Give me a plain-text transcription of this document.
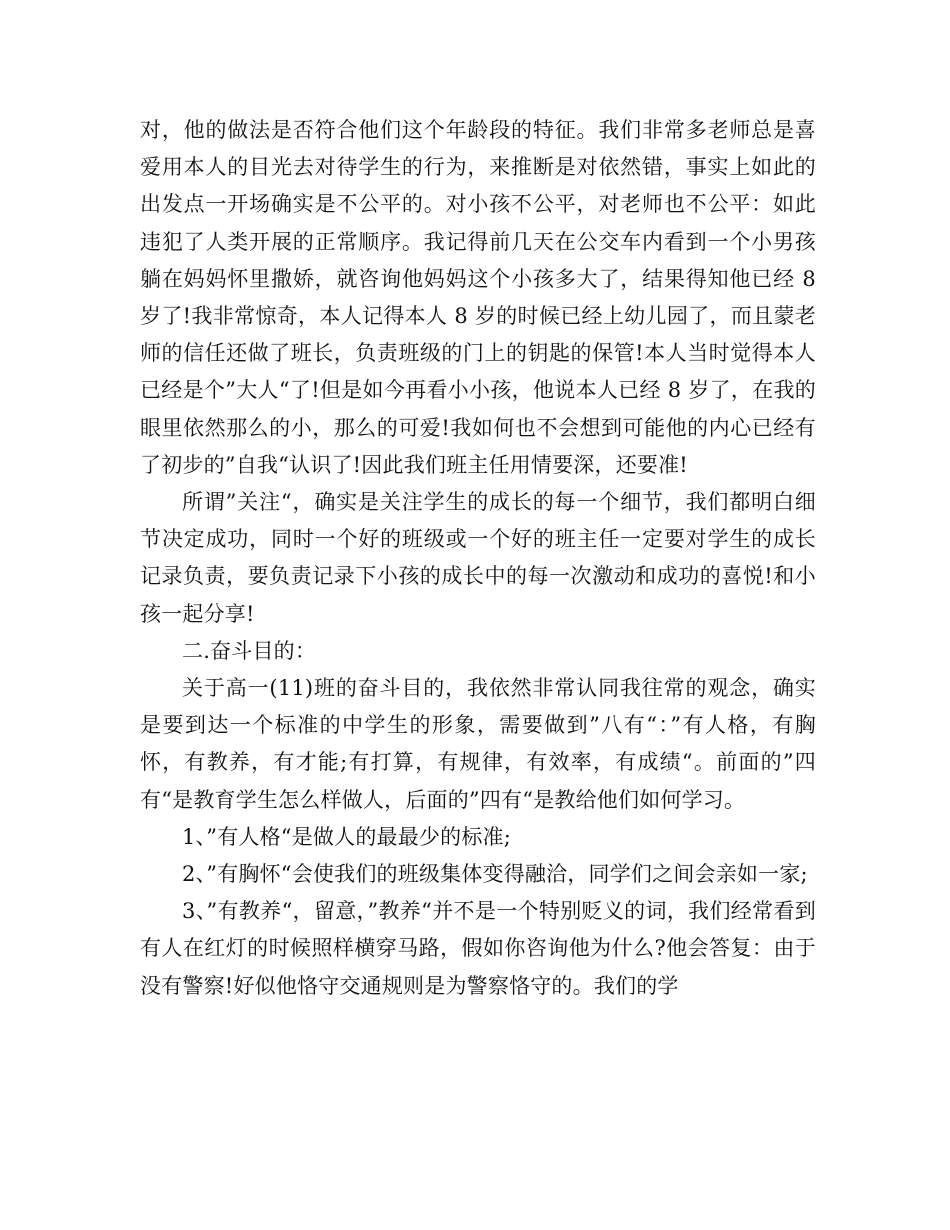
对，他的做法是否符合他们这个年龄段的特征。我们非常多老师总是喜爱用本人的目光去对待学生的行为，来推断是对依然错，事实上如此的出发点一开场确实是不公平的。对小孩不公平，对老师也不公平：如此违犯了人类开展的正常顺序。我记得前几天在公交车内看到一个小男孩躺在妈妈怀里撒娇，就咨询他妈妈这个小孩多大了，结果得知他已经 8 岁了!我非常惊奇，本人记得本人 8 岁的时候已经上幼儿园了，而且蒙老师的信任还做了班长，负责班级的门上的钥匙的保管!本人当时觉得本人已经是个”大人“了!但是如今再看小小孩，他说本人已经 8 岁了，在我的眼里依然那么的小，那么的可爱!我如何也不会想到可能他的内心已经有了初步的”自我“认识了!因此我们班主任用情要深，还要准!

所谓”关注“，确实是关注学生的成长的每一个细节，我们都明白细节决定成功，同时一个好的班级或一个好的班主任一定要对学生的成长记录负责，要负责记录下小孩的成长中的每一次激动和成功的喜悦!和小孩一起分享!

二.奋斗目的：

关于高一(11)班的奋斗目的，我依然非常认同我往常的观念，确实是要到达一个标准的中学生的形象，需要做到”八有“：”有人格，有胸怀，有教养，有才能;有打算，有规律，有效率，有成绩“。前面的”四有“是教育学生怎么样做人，后面的”四有“是教给他们如何学习。

1、”有人格“是做人的最最少的标准;

2、”有胸怀“会使我们的班级集体变得融洽，同学们之间会亲如一家;

3、”有教养“，留意，”教养“并不是一个特别贬义的词，我们经常看到有人在红灯的时候照样横穿马路，假如你咨询他为什么?他会答复：由于没有警察!好似他恪守交通规则是为警察恪守的。我们的学
